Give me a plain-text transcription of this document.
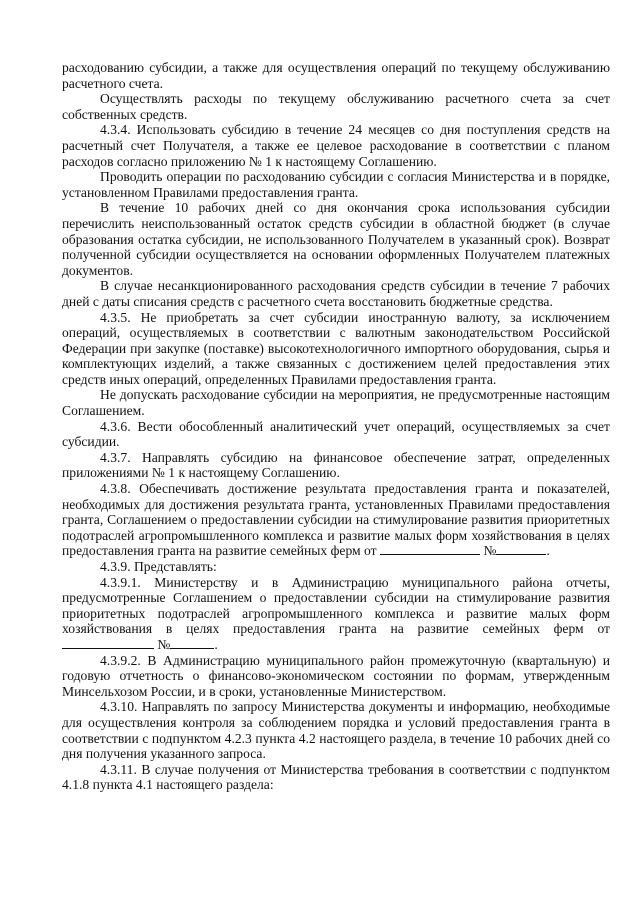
расходованию субсидии, а также для осуществления операций по текущему обслуживанию расчетного счета.

Осуществлять расходы по текущему обслуживанию расчетного счета за счет собственных средств.

4.3.4. Использовать субсидию в течение 24 месяцев со дня поступления средств на расчетный счет Получателя, а также ее целевое расходование в соответствии с планом расходов согласно приложению № 1 к настоящему Соглашению.

Проводить операции по расходованию субсидии с согласия Министерства и в порядке, установленном Правилами предоставления гранта.

В течение 10 рабочих дней со дня окончания срока использования субсидии перечислить неиспользованный остаток средств субсидии в областной бюджет (в случае образования остатка субсидии, не использованного Получателем в указанный срок). Возврат полученной субсидии осуществляется на основании оформленных Получателем платежных документов.

В случае несанкционированного расходования средств субсидии в течение 7 рабочих дней с даты списания средств с расчетного счета восстановить бюджетные средства.

4.3.5. Не приобретать за счет субсидии иностранную валюту, за исключением операций, осуществляемых в соответствии с валютным законодательством Российской Федерации при закупке (поставке) высокотехнологичного импортного оборудования, сырья и комплектующих изделий, а также связанных с достижением целей предоставления этих средств иных операций, определенных Правилами предоставления гранта.

Не допускать расходование субсидии на мероприятия, не предусмотренные настоящим Соглашением.

4.3.6. Вести обособленный аналитический учет операций, осуществляемых за счет субсидии.

4.3.7. Направлять субсидию на финансовое обеспечение затрат, определенных приложениями № 1 к настоящему Соглашению.

4.3.8. Обеспечивать достижение результата предоставления гранта и показателей, необходимых для достижения результата гранта, установленных Правилами предоставления гранта, Соглашением о предоставлении субсидии на стимулирование развития приоритетных подотраслей агропромышленного комплекса и развитие малых форм хозяйствования в целях предоставления гранта на развитие семейных ферм от	№	.

4.3.9. Представлять:

4.3.9.1. Министерству и в Администрацию муниципального района отчеты, предусмотренные Соглашением о предоставлении субсидии на стимулирование развития приоритетных подотраслей агропромышленного комплекса и развитие малых форм хозяйствования в целях предоставления гранта на развитие семейных ферм от  №	.

4.3.9.2. В Администрацию муниципального район промежуточную (квартальную) и годовую отчетность о финансово-экономическом состоянии по формам, утвержденным Минсельхозом России, и в сроки, установленные Министерством.

4.3.10. Направлять по запросу Министерства документы и информацию, необходимые для осуществления контроля за соблюдением порядка и условий предоставления гранта в соответствии с подпунктом 4.2.3 пункта 4.2 настоящего раздела, в течение 10 рабочих дней со дня получения указанного запроса.

4.3.11. В случае получения от Министерства требования в соответствии с подпунктом 4.1.8 пункта 4.1 настоящего раздела:
